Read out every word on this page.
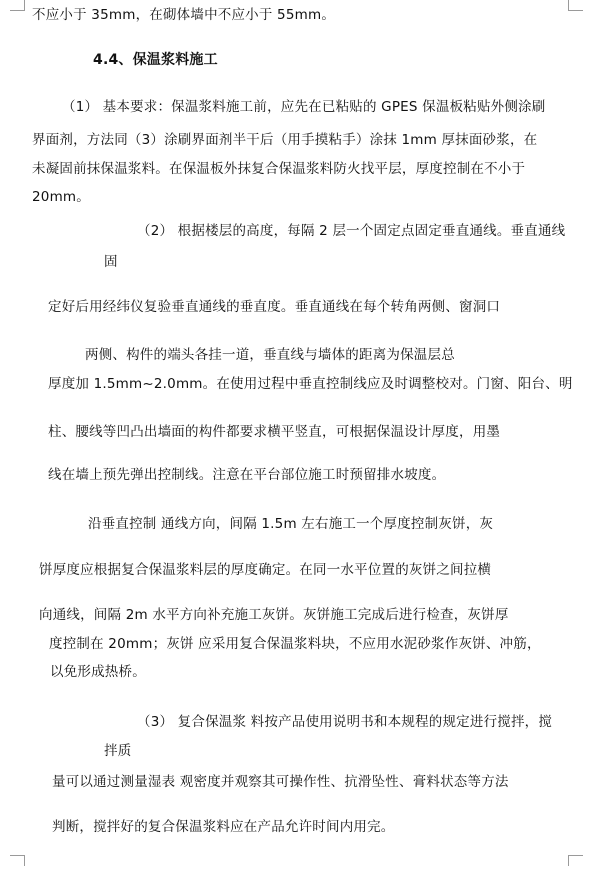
不应小于 35mm，在砌体墙中不应小于 55mm。
4.4、保温浆料施工
（1） 基本要求：保温浆料施工前，应先在已粘贴的 GPES 保温板粘贴外侧涂刷
界面剂，方法同（3）涂刷界面剂半干后（用手摸粘手）涂抹 1mm 厚抹面砂浆，在
未凝固前抹保温浆料。在保温板外抹复合保温浆料防火找平层，厚度控制在不小于
20mm。
（2） 根据楼层的高度，每隔 2 层一个固定点固定垂直通线。垂直通线
固
定好后用经纬仪复验垂直通线的垂直度。垂直通线在每个转角两侧、窗洞口
两侧、构件的端头各挂一道，垂直线与墙体的距离为保温层总
厚度加 1.5mm~2.0mm。在使用过程中垂直控制线应及时调整校对。门窗、阳台、明
柱、腰线等凹凸出墙面的构件都要求横平竖直，可根据保温设计厚度，用墨
线在墙上预先弹出控制线。注意在平台部位施工时预留排水坡度。
沿垂直控制 通线方向，间隔 1.5m 左右施工一个厚度控制灰饼，灰
饼厚度应根据复合保温浆料层的厚度确定。在同一水平位置的灰饼之间拉横
向通线，间隔 2m 水平方向补充施工灰饼。灰饼施工完成后进行检查，灰饼厚
度控制在 20mm；灰饼 应采用复合保温浆料块，不应用水泥砂浆作灰饼、冲筋，
以免形成热桥。
（3） 复合保温浆 料按产品使用说明书和本规程的规定进行搅拌，搅
拌质
量可以通过测量湿表 观密度并观察其可操作性、抗滑坠性、膏料状态等方法
判断，搅拌好的复合保温浆料应在产品允许时间内用完。
